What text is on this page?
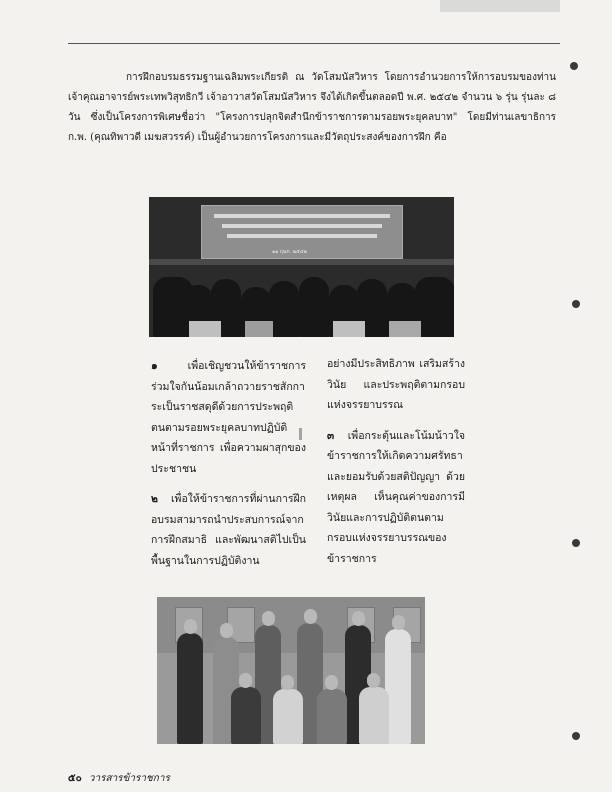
การฝึกอบรมธรรมฐานเฉลิมพระเกียรติ ณ วัดโสมนัสวิหาร โดยการอำนวยการให้การอบรมของท่านเจ้าคุณอาจารย์พระเทพวิสุทธิกวี เจ้าอาวาสวัดโสมนัสวิหาร จึงได้เกิดขึ้นตลอดปี พ.ศ. ๒๕๔๒ จำนวน ๖ รุ่น รุ่นละ ๘ วัน ซึ่งเป็นโครงการพิเศษชื่อว่า "โครงการปลุกจิตสำนึกข้าราชการตามรอยพระยุคลบาท" โดยมีท่านเลขาธิการ ก.พ. (คุณทิพาวดี เมฆสวรรค์) เป็นผู้อำนวยการโครงการและมีวัตถุประสงค์ของการฝึก คือ

๑๑ กุมภ. ๒๕๔๒

๑	เพื่อเชิญชวนให้ข้าราชการร่วมใจกันน้อมเกล้าถวายราชสักการะเป็นราชสดุดีด้วยการประพฤติตนตามรอยพระยุคลบาทปฏิบัติหน้าที่ราชการ เพื่อความผาสุกของประชาชน

๒ เพื่อให้ข้าราชการที่ผ่านการฝึกอบรมสามารถนำประสบการณ์จากการฝึกสมาธิ และพัฒนาสติไปเป็นพื้นฐานในการปฏิบัติงาน

อย่างมีประสิทธิภาพ เสริมสร้างวินัย และประพฤติตามกรอบแห่งจรรยาบรรณ

๓ เพื่อกระตุ้นและโน้มน้าวใจข้าราชการให้เกิดความศรัทธาและยอมรับด้วยสติปัญญา ด้วยเหตุผล เห็นคุณค่าของการมีวินัยและการปฏิบัติตนตามกรอบแห่งจรรยาบรรณของข้าราชการ

๕๐ วารสารข้าราชการ
